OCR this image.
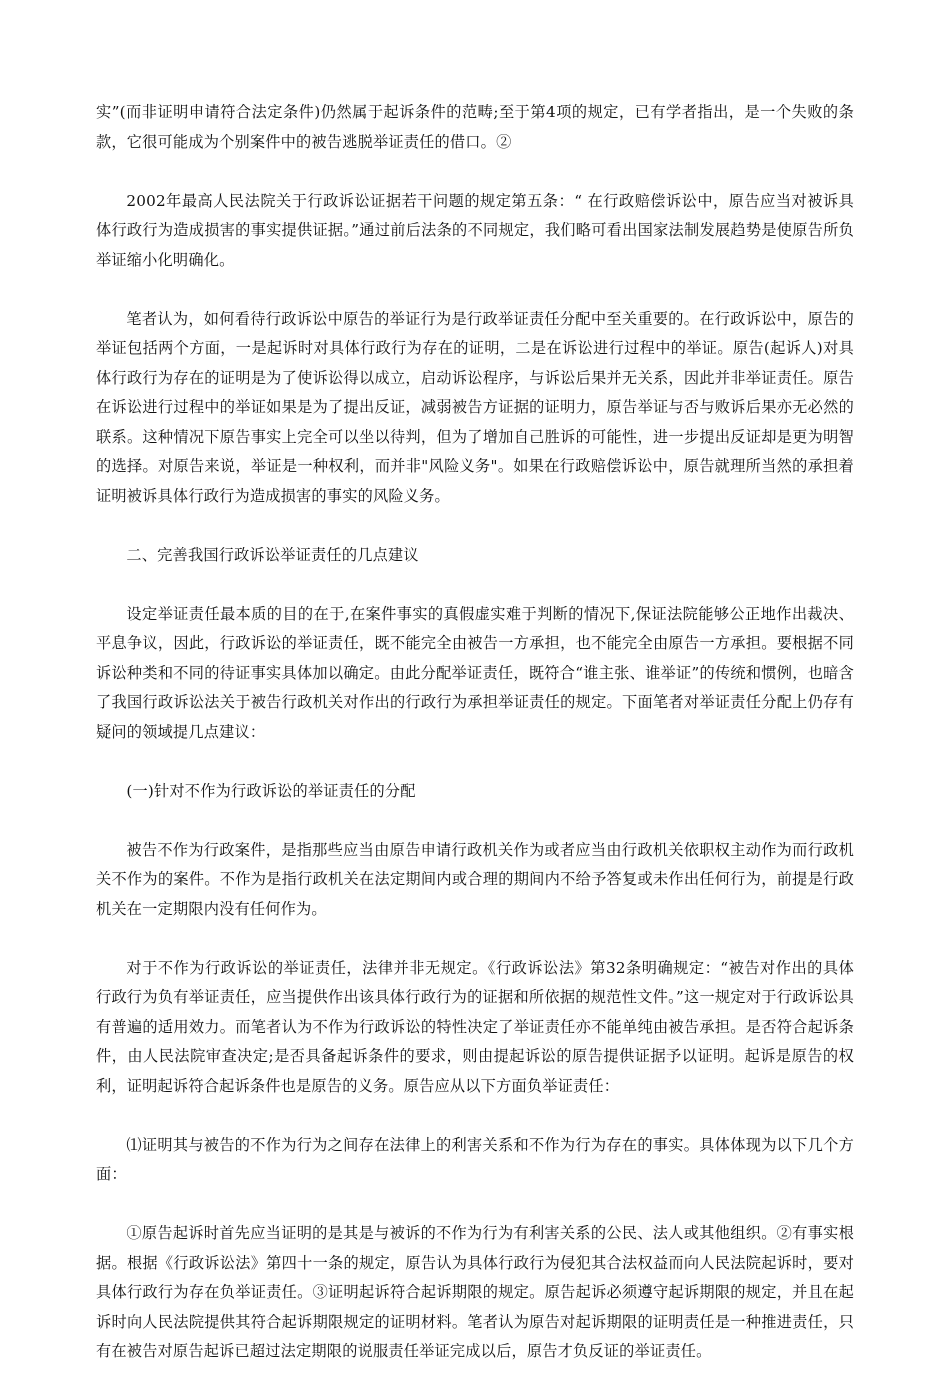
实”(而非证明申请符合法定条件)仍然属于起诉条件的范畴;至于第4项的规定，已有学者指出，是一个失败的条款，它很可能成为个别案件中的被告逃脱举证责任的借口。②

2002年最高人民法院关于行政诉讼证据若干问题的规定第五条：“ 在行政赔偿诉讼中，原告应当对被诉具体行政行为造成损害的事实提供证据。”通过前后法条的不同规定，我们略可看出国家法制发展趋势是使原告所负举证缩小化明确化。

笔者认为，如何看待行政诉讼中原告的举证行为是行政举证责任分配中至关重要的。在行政诉讼中，原告的举证包括两个方面，一是起诉时对具体行政行为存在的证明，二是在诉讼进行过程中的举证。原告(起诉人)对具体行政行为存在的证明是为了使诉讼得以成立，启动诉讼程序，与诉讼后果并无关系，因此并非举证责任。原告在诉讼进行过程中的举证如果是为了提出反证，减弱被告方证据的证明力，原告举证与否与败诉后果亦无必然的联系。这种情况下原告事实上完全可以坐以待判，但为了增加自己胜诉的可能性，进一步提出反证却是更为明智的选择。对原告来说，举证是一种权利，而并非"风险义务"。如果在行政赔偿诉讼中，原告就理所当然的承担着证明被诉具体行政行为造成损害的事实的风险义务。

二、完善我国行政诉讼举证责任的几点建议

设定举证责任最本质的目的在于,在案件事实的真假虚实难于判断的情况下,保证法院能够公正地作出裁决、平息争议，因此，行政诉讼的举证责任，既不能完全由被告一方承担，也不能完全由原告一方承担。要根据不同诉讼种类和不同的待证事实具体加以确定。由此分配举证责任，既符合“谁主张、谁举证”的传统和惯例，也暗含了我国行政诉讼法关于被告行政机关对作出的行政行为承担举证责任的规定。下面笔者对举证责任分配上仍存有疑问的领域提几点建议：

(一)针对不作为行政诉讼的举证责任的分配

被告不作为行政案件，是指那些应当由原告申请行政机关作为或者应当由行政机关依职权主动作为而行政机关不作为的案件。不作为是指行政机关在法定期间内或合理的期间内不给予答复或未作出任何行为，前提是行政机关在一定期限内没有任何作为。

对于不作为行政诉讼的举证责任，法律并非无规定。《行政诉讼法》第32条明确规定：“被告对作出的具体行政行为负有举证责任，应当提供作出该具体行政行为的证据和所依据的规范性文件。”这一规定对于行政诉讼具有普遍的适用效力。而笔者认为不作为行政诉讼的特性决定了举证责任亦不能单纯由被告承担。是否符合起诉条件，由人民法院审查决定;是否具备起诉条件的要求，则由提起诉讼的原告提供证据予以证明。起诉是原告的权利，证明起诉符合起诉条件也是原告的义务。原告应从以下方面负举证责任：

⑴证明其与被告的不作为行为之间存在法律上的利害关系和不作为行为存在的事实。具体体现为以下几个方面：

①原告起诉时首先应当证明的是其是与被诉的不作为行为有利害关系的公民、法人或其他组织。②有事实根据。根据《行政诉讼法》第四十一条的规定，原告认为具体行政行为侵犯其合法权益而向人民法院起诉时，要对具体行政行为存在负举证责任。③证明起诉符合起诉期限的规定。原告起诉必须遵守起诉期限的规定，并且在起诉时向人民法院提供其符合起诉期限规定的证明材料。笔者认为原告对起诉期限的证明责任是一种推进责任，只有在被告对原告起诉已超过法定期限的说服责任举证完成以后，原告才负反证的举证责任。
